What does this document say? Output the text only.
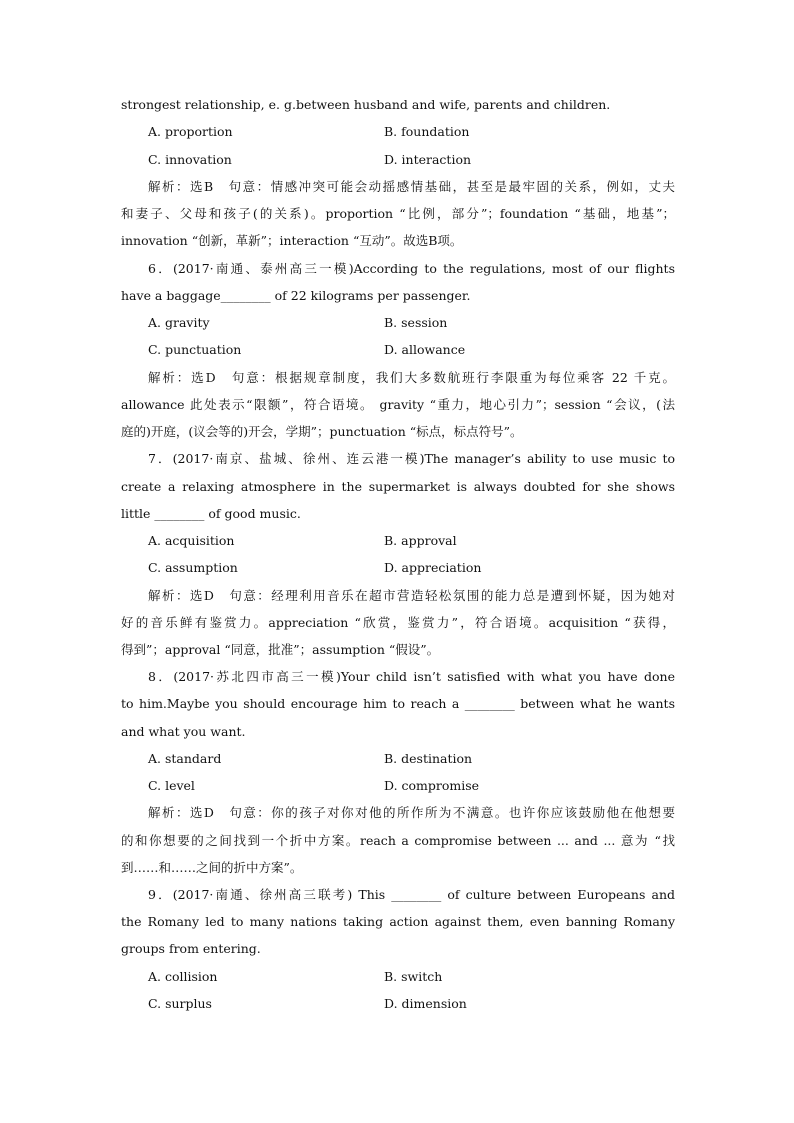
strongest relationship, e. g.between husband and wife, parents and children.
A. proportion	B. foundation
C. innovation	D. interaction
解析：选B　句意：情感冲突可能会动摇感情基础，甚至是最牢固的关系，例如，丈夫
和妻子、父母和孩子(的关系)。proportion “比例，部分”；foundation “基础，地基”；
innovation “创新，革新”；interaction “互动”。故选B项。
6．(2017·南通、泰州高三一模)According to the regulations, most of our flights
have a baggage________ of 22 kilograms per passenger.
A. gravity	B. session
C. punctuation	D. allowance
解析：选D　句意：根据规章制度，我们大多数航班行李限重为每位乘客 22 千克。
allowance 此处表示“限额”，符合语境。 gravity “重力，地心引力”；session “会议，(法
庭的)开庭，(议会等的)开会，学期”；punctuation “标点，标点符号”。
7．(2017·南京、盐城、徐州、连云港一模)The manager’s ability to use music to
create a relaxing atmosphere in the supermarket is always doubted for she shows
little ________ of good music.
A. acquisition	B. approval
C. assumption	D. appreciation
解析：选D　句意：经理利用音乐在超市营造轻松氛围的能力总是遭到怀疑，因为她对
好的音乐鲜有鉴赏力。appreciation “欣赏，鉴赏力”，符合语境。acquisition “获得，
得到”；approval “同意，批准”；assumption “假设”。
8．(2017·苏北四市高三一模)Your child isn’t satisfied with what you have done
to him.Maybe you should encourage him to reach a ________ between what he wants
and what you want.
A. standard	B. destination
C. level	D. compromise
解析：选D　句意：你的孩子对你对他的所作所为不满意。也许你应该鼓励他在他想要
的和你想要的之间找到一个折中方案。reach a compromise between ... and ... 意为 “找
到……和……之间的折中方案”。
9．(2017·南通、徐州高三联考) This ________ of culture between Europeans and
the Romany led to many nations taking action against them, even banning Romany
groups from entering.
A. collision	B. switch
C. surplus	D. dimension
